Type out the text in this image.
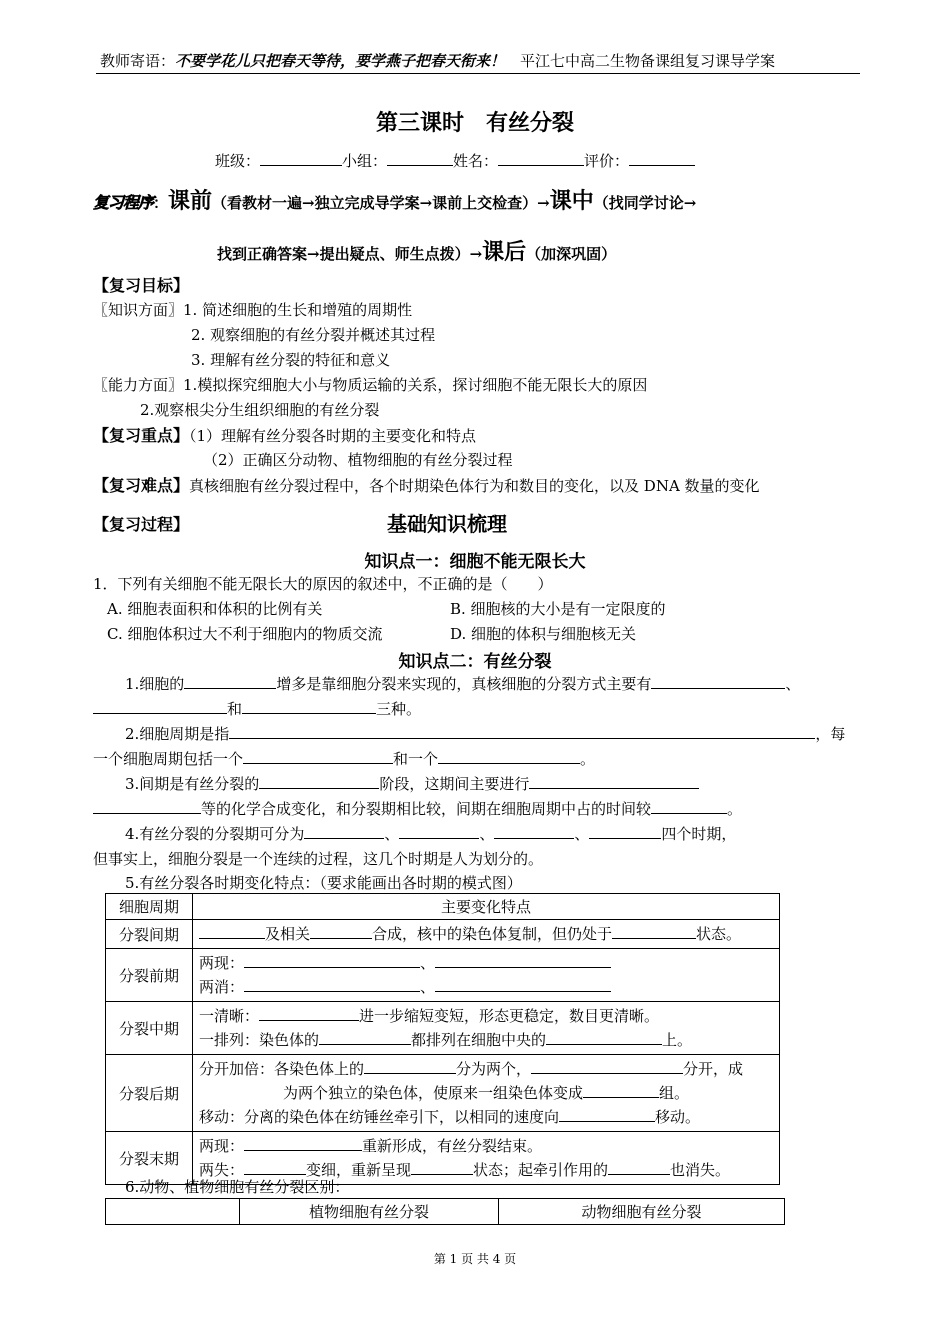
教师寄语：不要学花儿只把春天等待，要学燕子把春天衔来！　 平江七中高二生物备课组复习课导学案
第三课时　有丝分裂
班级：	小组：	姓名：	评价：
复习程序：课前（看教材一遍→独立完成导学案→课前上交检查）→课中（找同学讨论→
找到正确答案→提出疑点、师生点拨）→课后（加深巩固）
【复习目标】
〖知识方面〗1. 简述细胞的生长和增殖的周期性
2. 观察细胞的有丝分裂并概述其过程
3. 理解有丝分裂的特征和意义
〖能力方面〗1.模拟探究细胞大小与物质运输的关系，探讨细胞不能无限长大的原因
2.观察根尖分生组织细胞的有丝分裂
【复习重点】（1）理解有丝分裂各时期的主要变化和特点
（2）正确区分动物、植物细胞的有丝分裂过程
【复习难点】真核细胞有丝分裂过程中，各个时期染色体行为和数目的变化，以及 DNA 数量的变化
【复习过程】	基础知识梳理
知识点一：细胞不能无限长大
1．下列有关细胞不能无限长大的原因的叙述中，不正确的是（　　）
A. 细胞表面积和体积的比例有关	B. 细胞核的大小是有一定限度的
C. 细胞体积过大不利于细胞内的物质交流	D. 细胞的体积与细胞核无关
知识点二：有丝分裂
1.细胞的	增多是靠细胞分裂来实现的，真核细胞的分裂方式主要有	、
和	三种。
2.细胞周期是指	，每
一个细胞周期包括一个	和一个	。
3.间期是有丝分裂的	阶段，这期间主要进行
等的化学合成变化，和分裂期相比较，间期在细胞周期中占的时间较	。
4.有丝分裂的分裂期可分为	、	、	、	四个时期，
但事实上，细胞分裂是一个连续的过程，这几个时期是人为划分的。
5.有丝分裂各时期变化特点：（要求能画出各时期的模式图）
细胞周期	主要变化特点
分裂间期	及相关 合成，核中的染色体复制，但仍处于 状态。

分裂前期	两现： 、
两消： 、

分裂中期	一清晰： 进一步缩短变短，形态更稳定，数目更清晰。
一排列：染色体的 都排列在细胞中央的 上。

分裂后期	分开加倍：各染色体上的 分为两个， 分开，成
为两个独立的染色体，使原来一组染色体变成 组。
移动：分离的染色体在纺锤丝牵引下，以相同的速度向 移动。

分裂末期	两现： 重新形成，有丝分裂结束。
两失： 变细，重新呈现 状态；起牵引作用的 也消失。
6.动物、植物细胞有丝分裂区别：
	植物细胞有丝分裂	动物细胞有丝分裂
第 1 页 共 4 页
